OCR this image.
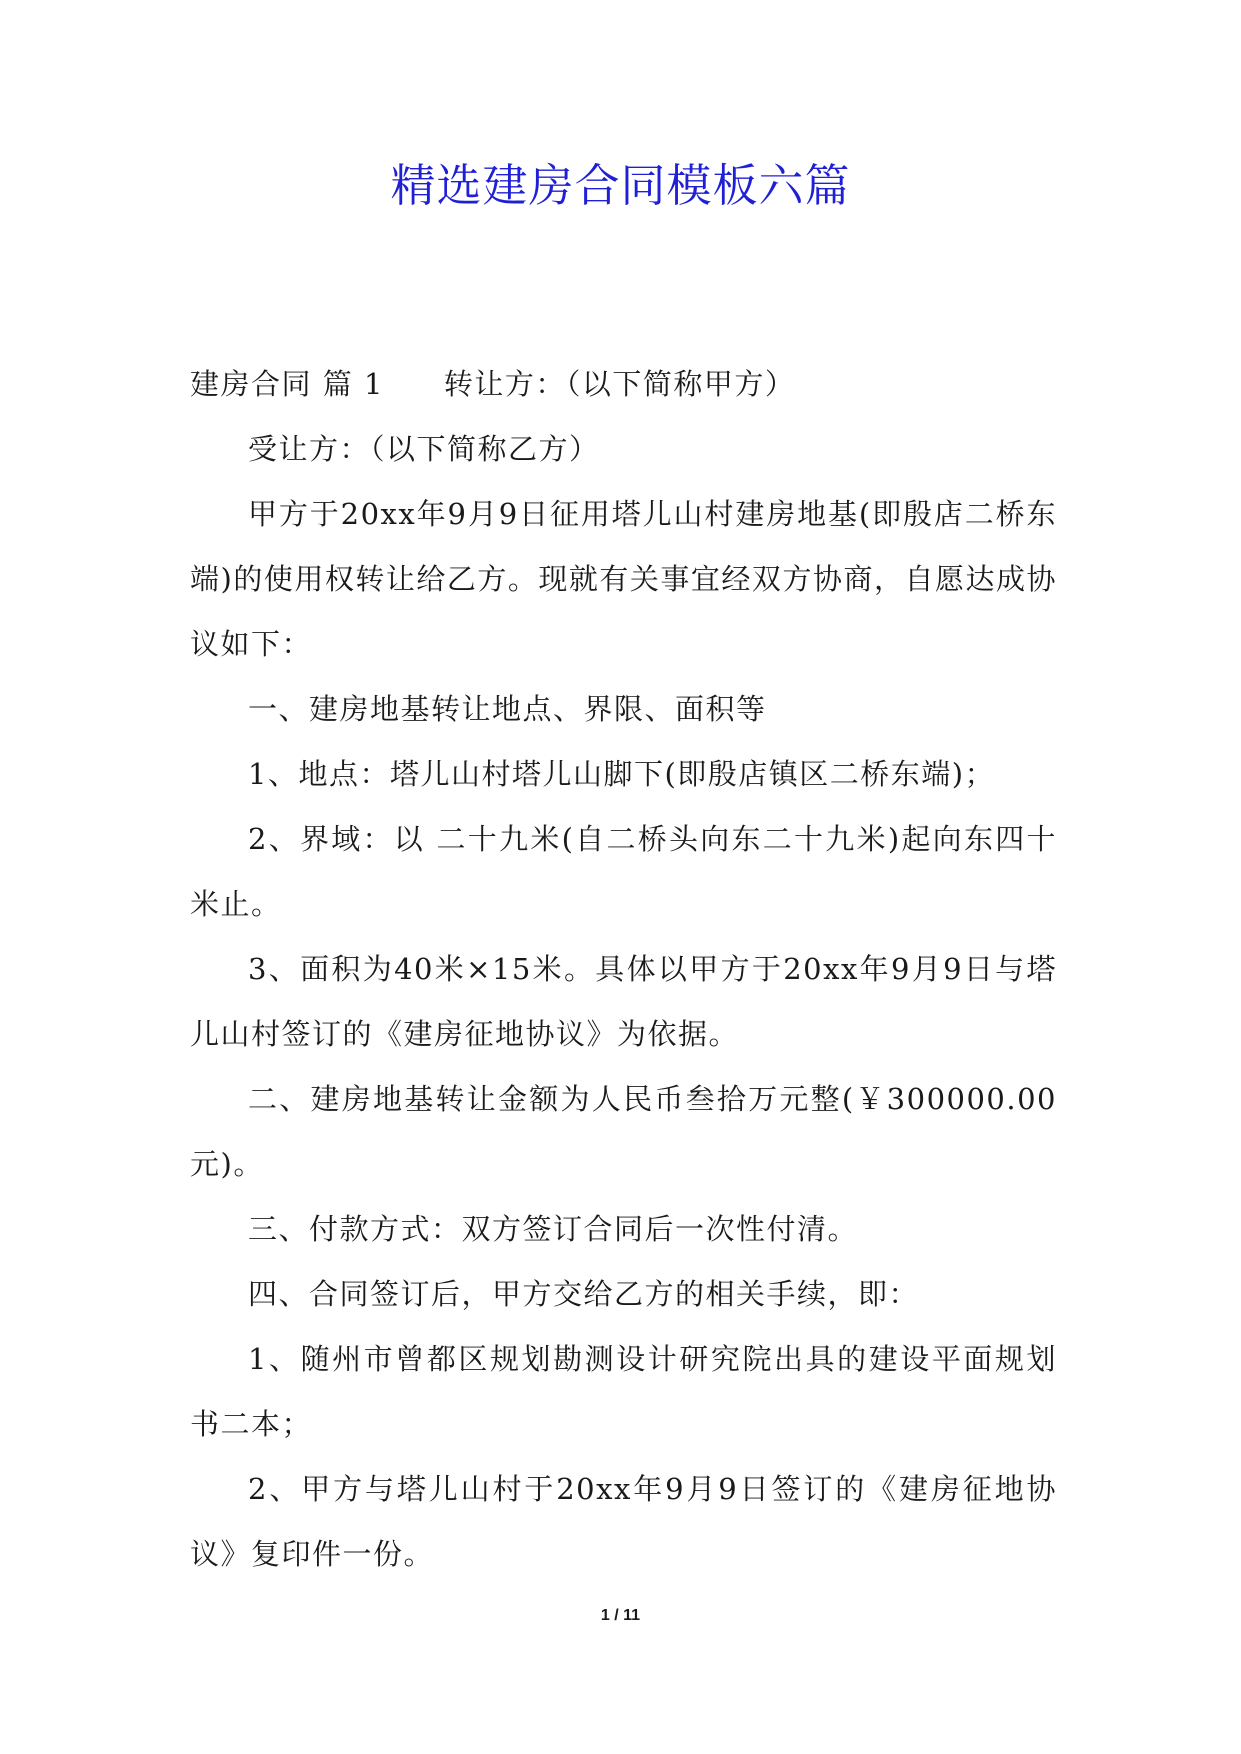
精选建房合同模板六篇

建房合同 篇 1 转让方：（以下简称甲方）

受让方：（以下简称乙方）

甲方于20xx年9月9日征用塔儿山村建房地基(即殷店二桥东端)的使用权转让给乙方。现就有关事宜经双方协商，自愿达成协议如下：

一、建房地基转让地点、界限、面积等

1、地点：塔儿山村塔儿山脚下(即殷店镇区二桥东端)；

2、界域：以 二十九米(自二桥头向东二十九米)起向东四十米止。

3、面积为40米×15米。具体以甲方于20xx年9月9日与塔儿山村签订的《建房征地协议》为依据。

二、建房地基转让金额为人民币叁拾万元整(￥300000.00元)。

三、付款方式：双方签订合同后一次性付清。

四、合同签订后，甲方交给乙方的相关手续，即：

1、随州市曾都区规划勘测设计研究院出具的建设平面规划书二本；

2、甲方与塔儿山村于20xx年9月9日签订的《建房征地协议》复印件一份。

1 / 11
